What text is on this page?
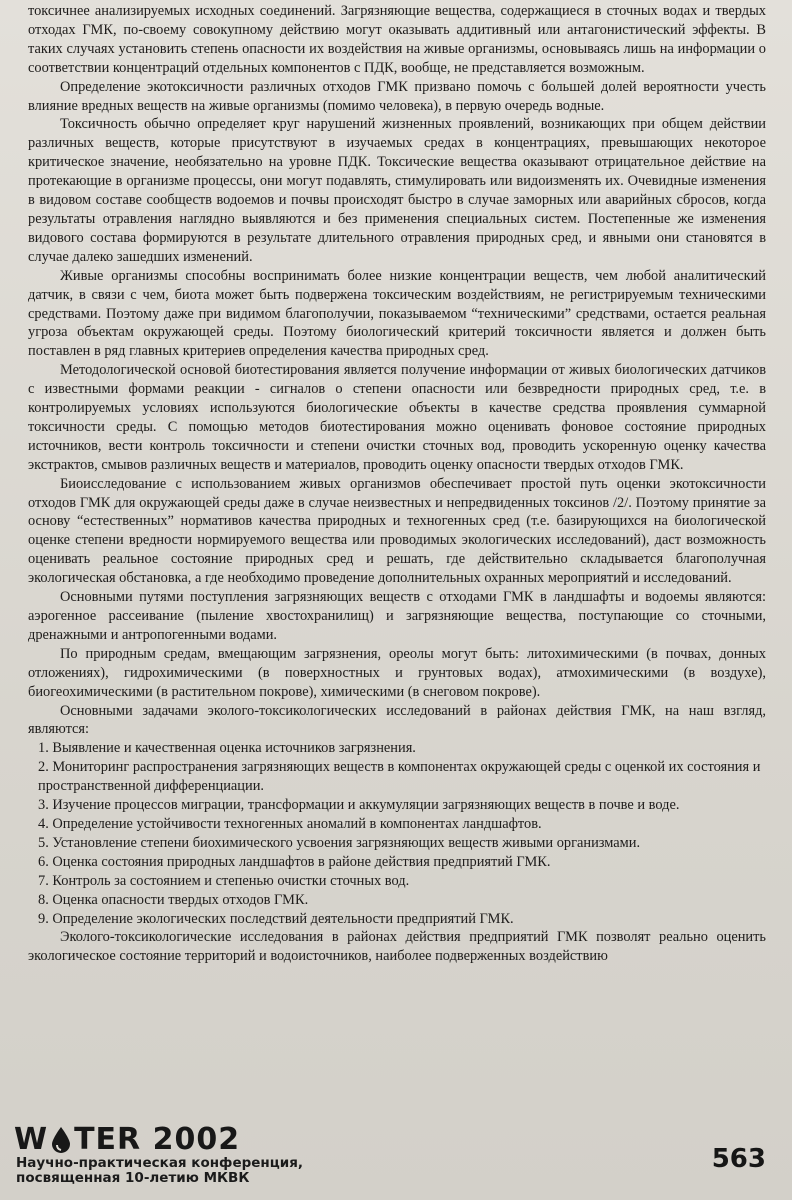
токсичнее анализируемых исходных соединений. Загрязняющие вещества, содержащиеся в сточных водах и твердых отходах ГМК, по-своему совокупному действию могут оказывать аддитивный или антагонистический эффекты. В таких случаях установить степень опасности их воздействия на живые организмы, основываясь лишь на информации о соответствии концентраций отдельных компонентов с ПДК, вообще, не представляется возможным.

Определение экотоксичности различных отходов ГМК призвано помочь с большей долей вероятности учесть влияние вредных веществ на живые организмы (помимо человека), в первую очередь водные.

Токсичность обычно определяет круг нарушений жизненных проявлений, возникающих при общем действии различных веществ, которые присутствуют в изучаемых средах в концентрациях, превышающих некоторое критическое значение, необязательно на уровне ПДК. Токсические вещества оказывают отрицательное действие на протекающие в организме процессы, они могут подавлять, стимулировать или видоизменять их. Очевидные изменения в видовом составе сообществ водоемов и почвы происходят быстро в случае заморных или аварийных сбросов, когда результаты отравления наглядно выявляются и без применения специальных систем. Постепенные же изменения видового состава формируются в результате длительного отравления природных сред, и явными они становятся в случае далеко зашедших изменений.

Живые организмы способны воспринимать более низкие концентрации веществ, чем любой аналитический датчик, в связи с чем, биота может быть подвержена токсическим воздействиям, не регистрируемым техническими средствами. Поэтому даже при видимом благополучии, показываемом “техническими” средствами, остается реальная угроза объектам окружающей среды. Поэтому биологический критерий токсичности является и должен быть поставлен в ряд главных критериев определения качества природных сред.

Методологической основой биотестирования является получение информации от живых биологических датчиков с известными формами реакции - сигналов о степени опасности или безвредности природных сред, т.е. в контролируемых условиях используются биологические объекты в качестве средства проявления суммарной токсичности среды. С помощью методов биотестирования можно оценивать фоновое состояние природных источников, вести контроль токсичности и степени очистки сточных вод, проводить ускоренную оценку качества экстрактов, смывов различных веществ и материалов, проводить оценку опасности твердых отходов ГМК.

Биоисследование с использованием живых организмов обеспечивает простой путь оценки экотоксичности отходов ГМК для окружающей среды даже в случае неизвестных и непредвиденных токсинов /2/. Поэтому принятие за основу “естественных” нормативов качества природных и техногенных сред (т.е. базирующихся на биологической оценке степени вредности нормируемого вещества или проводимых экологических исследований), даст возможность оценивать реальное состояние природных сред и решать, где действительно складывается благополучная экологическая обстановка, а где необходимо проведение дополнительных охранных мероприятий и исследований.

Основными путями поступления загрязняющих веществ с отходами ГМК в ландшафты и водоемы являются: аэрогенное рассеивание (пыление хвостохранилищ) и загрязняющие вещества, поступающие со сточными, дренажными и антропогенными водами.

По природным средам, вмещающим загрязнения, ореолы могут быть: литохимическими (в почвах, донных отложениях), гидрохимическими (в поверхностных и грунтовых водах), атмохимическими (в воздухе), биогеохимическими (в растительном покрове), химическими (в снеговом покрове).

Основными задачами эколого-токсикологических исследований в районах действия ГМК, на наш взгляд, являются:

1. Выявление и качественная оценка источников загрязнения.
2. Мониторинг распространения загрязняющих веществ в компонентах окружающей среды с оценкой их состояния и пространственной дифференциации.
3. Изучение процессов миграции, трансформации и аккумуляции загрязняющих веществ в почве и воде.
4. Определение устойчивости техногенных аномалий в компонентах ландшафтов.
5. Установление степени биохимического усвоения загрязняющих веществ живыми организмами.
6. Оценка состояния природных ландшафтов в районе действия предприятий ГМК.
7. Контроль за состоянием и степенью очистки сточных вод.
8. Оценка опасности твердых отходов ГМК.
9. Определение экологических последствий деятельности предприятий ГМК.

Эколого-токсикологические исследования в районах действия предприятий ГМК позволят реально оценить экологическое состояние территорий и водоисточников, наиболее подверженных воздействию

W TER 2002
Научно-практическая конференция,
посвященная 10-летию МКВК
563
